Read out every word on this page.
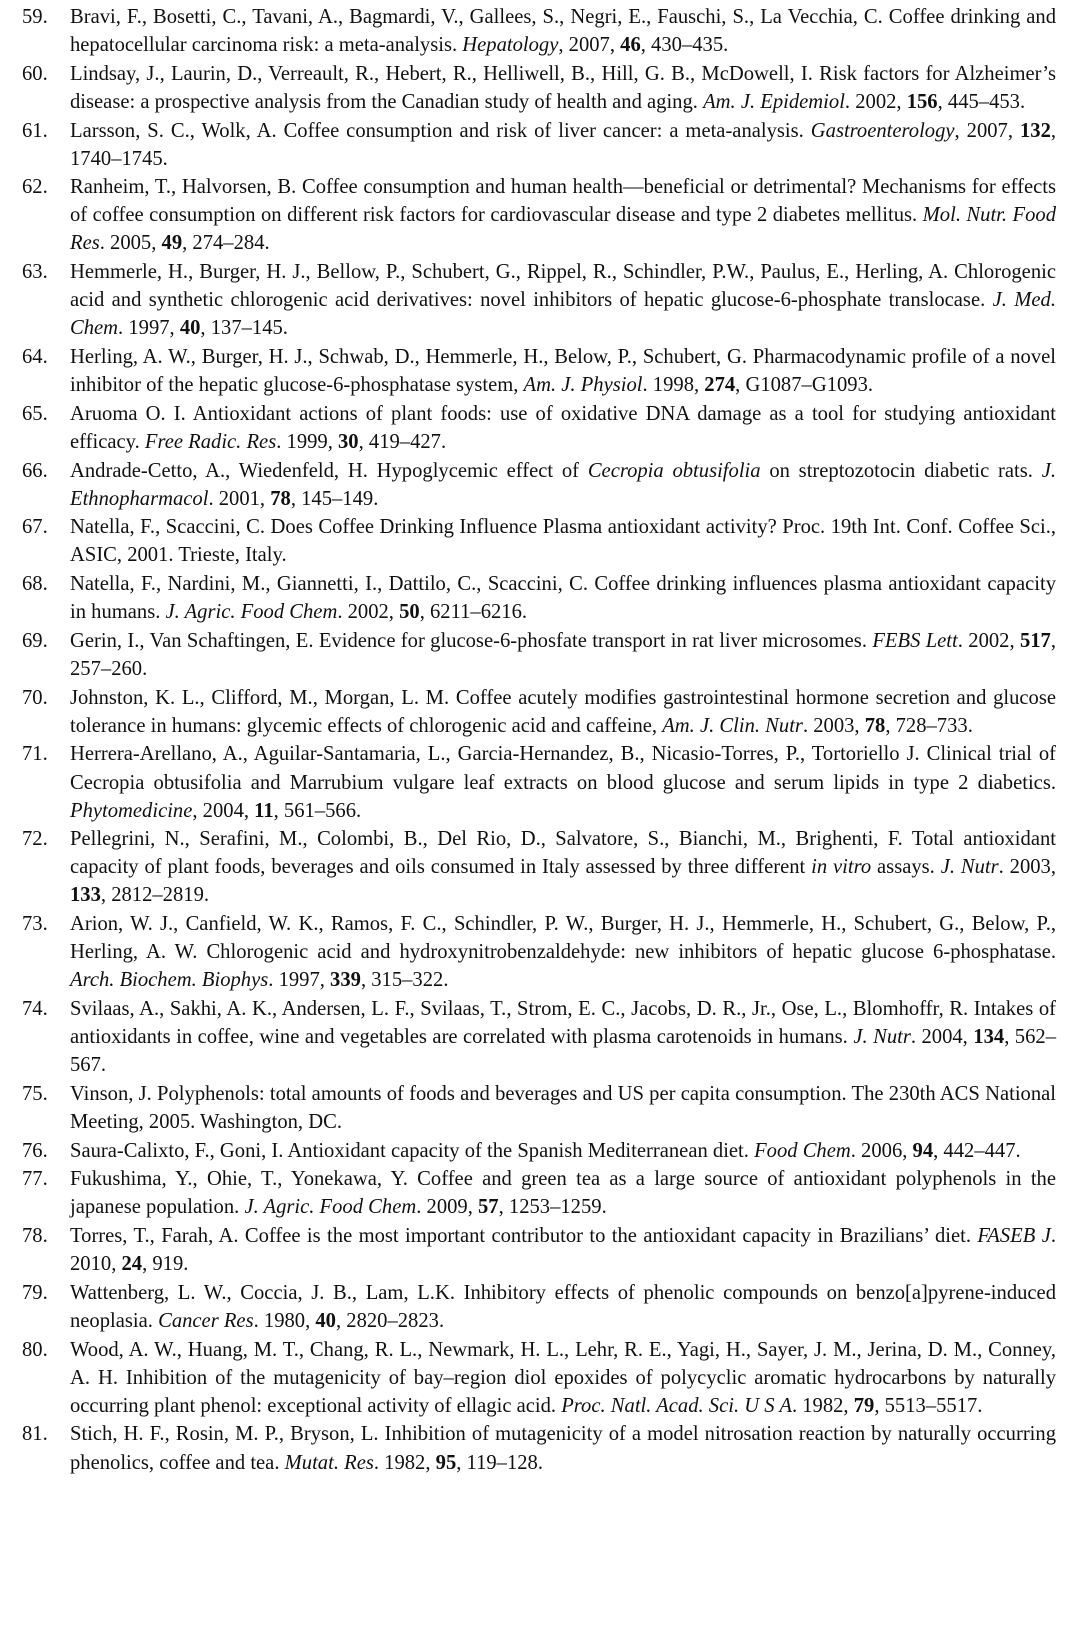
59.	Bravi, F., Bosetti, C., Tavani, A., Bagmardi, V., Gallees, S., Negri, E., Fauschi, S., La Vecchia, C. Coffee drinking and hepatocellular carcinoma risk: a meta-analysis. Hepatology, 2007, 46, 430–435.
60.	Lindsay, J., Laurin, D., Verreault, R., Hebert, R., Helliwell, B., Hill, G. B., McDowell, I. Risk factors for Alzheimer’s disease: a prospective analysis from the Canadian study of health and aging. Am. J. Epidemiol. 2002, 156, 445–453.
61.	Larsson, S. C., Wolk, A. Coffee consumption and risk of liver cancer: a meta-analysis. Gastroenterology, 2007, 132, 1740–1745.
62.	Ranheim, T., Halvorsen, B. Coffee consumption and human health—beneficial or detrimental? Mechanisms for effects of coffee consumption on different risk factors for cardiovascular disease and type 2 diabetes mellitus. Mol. Nutr. Food Res. 2005, 49, 274–284.
63.	Hemmerle, H., Burger, H. J., Bellow, P., Schubert, G., Rippel, R., Schindler, P.W., Paulus, E., Herling, A. Chlorogenic acid and synthetic chlorogenic acid derivatives: novel inhibitors of hepatic glucose-6-phosphate translocase. J. Med. Chem. 1997, 40, 137–145.
64.	Herling, A. W., Burger, H. J., Schwab, D., Hemmerle, H., Below, P., Schubert, G. Pharmacodynamic profile of a novel inhibitor of the hepatic glucose-6-phosphatase system, Am. J. Physiol. 1998, 274, G1087–G1093.
65.	Aruoma O. I. Antioxidant actions of plant foods: use of oxidative DNA damage as a tool for studying antioxidant efficacy. Free Radic. Res. 1999, 30, 419–427.
66.	Andrade-Cetto, A., Wiedenfeld, H. Hypoglycemic effect of Cecropia obtusifolia on streptozotocin diabetic rats. J. Ethnopharmacol. 2001, 78, 145–149.
67.	Natella, F., Scaccini, C. Does Coffee Drinking Influence Plasma antioxidant activity? Proc. 19th Int. Conf. Coffee Sci., ASIC, 2001. Trieste, Italy.
68.	Natella, F., Nardini, M., Giannetti, I., Dattilo, C., Scaccini, C. Coffee drinking influences plasma antioxidant capacity in humans. J. Agric. Food Chem. 2002, 50, 6211–6216.
69.	Gerin, I., Van Schaftingen, E. Evidence for glucose-6-phosfate transport in rat liver microsomes. FEBS Lett. 2002, 517, 257–260.
70.	Johnston, K. L., Clifford, M., Morgan, L. M. Coffee acutely modifies gastrointestinal hormone secretion and glucose tolerance in humans: glycemic effects of chlorogenic acid and caffeine, Am. J. Clin. Nutr. 2003, 78, 728–733.
71.	Herrera-Arellano, A., Aguilar-Santamaria, L., Garcia-Hernandez, B., Nicasio-Torres, P., Tortoriello J. Clinical trial of Cecropia obtusifolia and Marrubium vulgare leaf extracts on blood glucose and serum lipids in type 2 diabetics. Phytomedicine, 2004, 11, 561–566.
72.	Pellegrini, N., Serafini, M., Colombi, B., Del Rio, D., Salvatore, S., Bianchi, M., Brighenti, F. Total antioxidant capacity of plant foods, beverages and oils consumed in Italy assessed by three different in vitro assays. J. Nutr. 2003, 133, 2812–2819.
73.	Arion, W. J., Canfield, W. K., Ramos, F. C., Schindler, P. W., Burger, H. J., Hemmerle, H., Schubert, G., Below, P., Herling, A. W. Chlorogenic acid and hydroxynitrobenzaldehyde: new inhibitors of hepatic glucose 6-phosphatase. Arch. Biochem. Biophys. 1997, 339, 315–322.
74.	Svilaas, A., Sakhi, A. K., Andersen, L. F., Svilaas, T., Strom, E. C., Jacobs, D. R., Jr., Ose, L., Blomhoffr, R. Intakes of antioxidants in coffee, wine and vegetables are correlated with plasma carotenoids in humans. J. Nutr. 2004, 134, 562–567.
75.	Vinson, J. Polyphenols: total amounts of foods and beverages and US per capita consumption. The 230th ACS National Meeting, 2005. Washington, DC.
76.	Saura-Calixto, F., Goni, I. Antioxidant capacity of the Spanish Mediterranean diet. Food Chem. 2006, 94, 442–447.
77.	Fukushima, Y., Ohie, T., Yonekawa, Y. Coffee and green tea as a large source of antioxidant polyphenols in the japanese population. J. Agric. Food Chem. 2009, 57, 1253–1259.
78.	Torres, T., Farah, A. Coffee is the most important contributor to the antioxidant capacity in Brazilians’ diet. FASEB J. 2010, 24, 919.
79.	Wattenberg, L. W., Coccia, J. B., Lam, L.K. Inhibitory effects of phenolic compounds on benzo[a]pyrene-induced neoplasia. Cancer Res. 1980, 40, 2820–2823.
80.	Wood, A. W., Huang, M. T., Chang, R. L., Newmark, H. L., Lehr, R. E., Yagi, H., Sayer, J. M., Jerina, D. M., Conney, A. H. Inhibition of the mutagenicity of bay–region diol epoxides of polycyclic aromatic hydrocarbons by naturally occurring plant phenol: exceptional activity of ellagic acid. Proc. Natl. Acad. Sci. U S A. 1982, 79, 5513–5517.
81.	Stich, H. F., Rosin, M. P., Bryson, L. Inhibition of mutagenicity of a model nitrosation reaction by naturally occurring phenolics, coffee and tea. Mutat. Res. 1982, 95, 119–128.
